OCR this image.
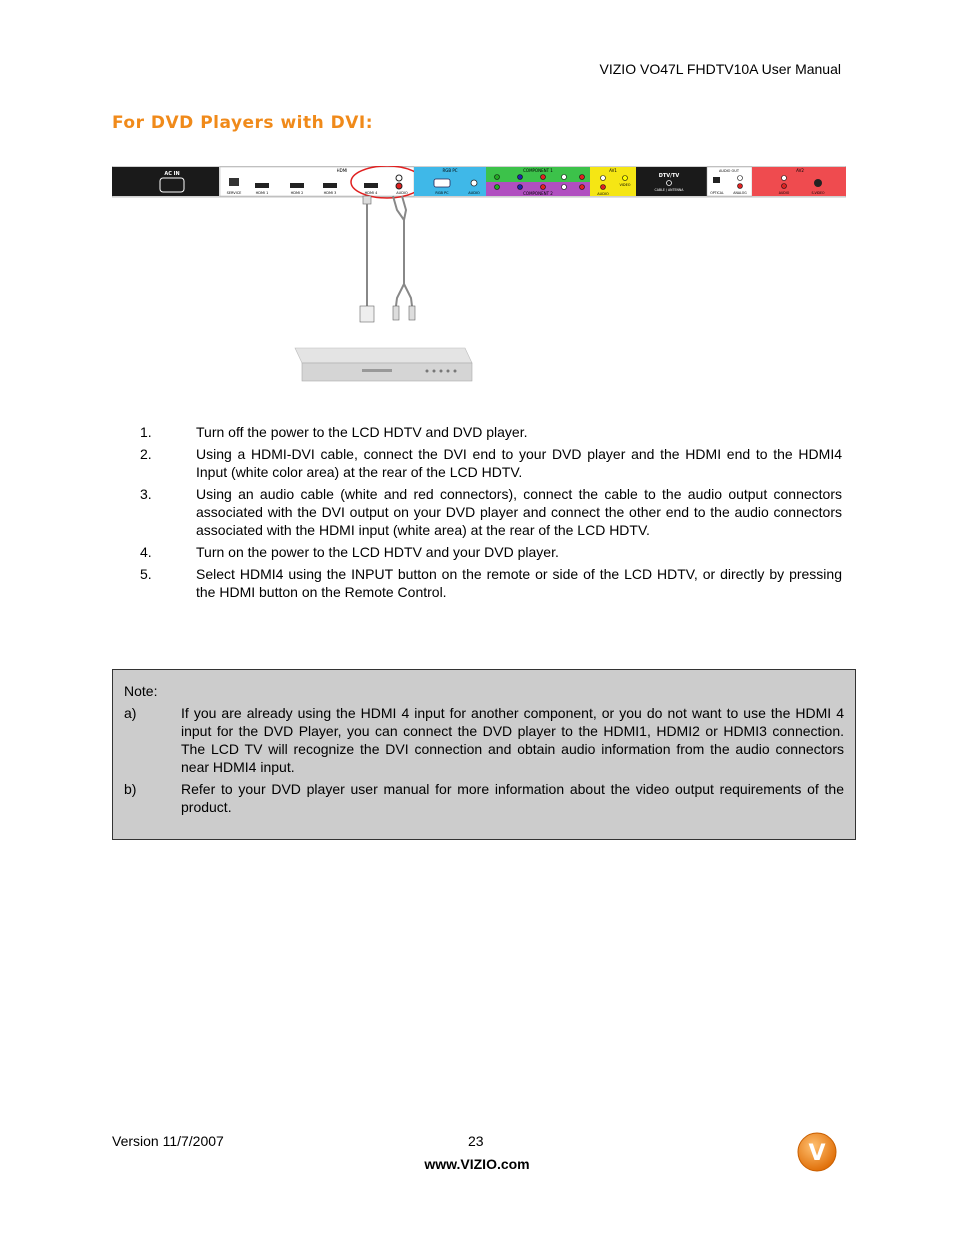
VIZIO VO47L FHDTV10A User Manual
For DVD Players with DVI:
AC IN
SERVICE
HDMI
HDMI 1	HDMI 2	HDMI 3	HDMI 4	AUDIO
RGB PC
RGB PC	AUDIO
COMPONENT 1
COMPONENT 2
AV1
AUDIO
VIDEO
DTV/TV
CABLE / ANTENNA
AUDIO OUT
OPTICAL	ANALOG
AV2
AUDIO	S-VIDEO
1.	Turn off the power to the LCD HDTV and DVD player.
2.	Using a HDMI-DVI cable, connect the DVI end to your DVD player and the HDMI end to the HDMI4 Input (white color area) at the rear of the LCD HDTV.
3.	Using an audio cable (white and red connectors), connect the cable to the audio output connectors associated with the DVI output on your DVD player and connect the other end to the audio connectors associated with the HDMI input (white area) at the rear of the LCD HDTV.
4.	Turn on the power to the LCD HDTV and your DVD player.
5.	Select HDMI4 using the INPUT button on the remote or side of the LCD HDTV, or directly by pressing the HDMI button on the Remote Control.
Note:
a)	If you are already using the HDMI 4 input for another component, or you do not want to use the HDMI 4 input for the DVD Player, you can connect the DVD player to the HDMI1, HDMI2 or HDMI3 connection. The LCD TV will recognize the DVI connection and obtain audio information from the audio connectors near HDMI4 input.
b)	Refer to your DVD player user manual for more information about the video output requirements of the product.
Version 11/7/2007	23
www.VIZIO.com	V
